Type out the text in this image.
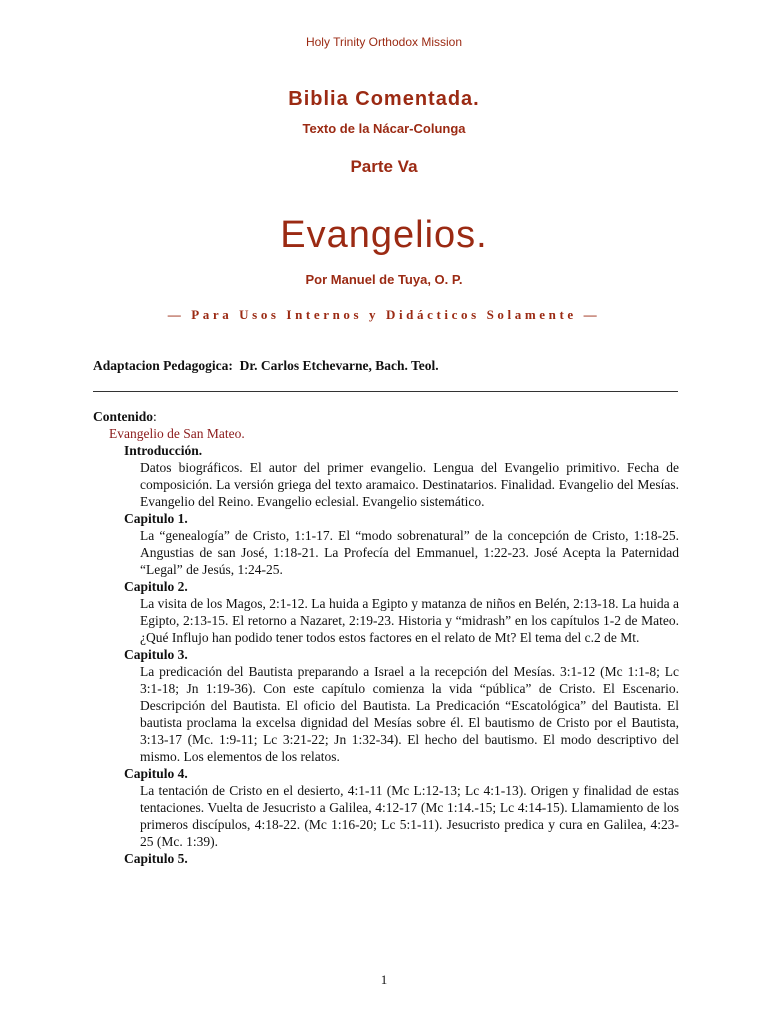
Holy Trinity Orthodox Mission
Biblia Comentada.
Texto de la Nácar-Colunga
Parte Va
Evangelios.
Por Manuel de Tuya, O. P.
— Para Usos Internos y Didácticos Solamente —
Adaptacion Pedagogica:  Dr. Carlos Etchevarne, Bach. Teol.
Contenido:
Evangelio de San Mateo.
Introducción.

Datos biográficos. El autor del primer evangelio. Lengua del Evangelio primitivo. Fecha de composición. La versión griega del texto aramaico. Destinatarios. Finalidad. Evangelio del Mesías. Evangelio del Reino. Evangelio eclesial. Evangelio sistemático.

Capitulo 1.

La “genealogía” de Cristo, 1:1-17. El “modo sobrenatural” de la concepción de Cristo, 1:18-25. Angustias de san José, 1:18-21. La Profecía del Emmanuel, 1:22-23. José Acepta la Paternidad “Legal” de Jesús, 1:24-25.

Capitulo 2.

La visita de los Magos, 2:1-12. La huida a Egipto y matanza de niños en Belén, 2:13-18. La huida a Egipto, 2:13-15. El retorno a Nazaret, 2:19-23. Historia y “midrash” en los capítulos 1-2 de Mateo. ¿Qué Influjo han podido tener todos estos factores en el relato de Mt? El tema del c.2 de Mt.

Capitulo 3.

La predicación del Bautista preparando a Israel a la recepción del Mesías. 3:1-12 (Mc 1:1-8; Lc 3:1-18; Jn 1:19-36). Con este capítulo comienza la vida “pública” de Cristo. El Escenario. Descripción del Bautista. El oficio del Bautista. La Predicación “Escatológica” del Bautista. El bautista proclama la excelsa dignidad del Mesías sobre él. El bautismo de Cristo por el Bautista, 3:13-17 (Mc. 1:9-11; Lc 3:21-22; Jn 1:32-34). El hecho del bautismo. El modo descriptivo del mismo. Los elementos de los relatos.

Capitulo 4.

La tentación de Cristo en el desierto, 4:1-11 (Mc L:12-13; Lc 4:1-13). Origen y finalidad de estas tentaciones. Vuelta de Jesucristo a Galilea, 4:12-17 (Mc 1:14.-15; Lc 4:14-15). Llamamiento de los primeros discípulos, 4:18-22. (Mc 1:16-20; Lc 5:1-11). Jesucristo predica y cura en Galilea, 4:23-25 (Mc. 1:39).

Capitulo 5.
1
